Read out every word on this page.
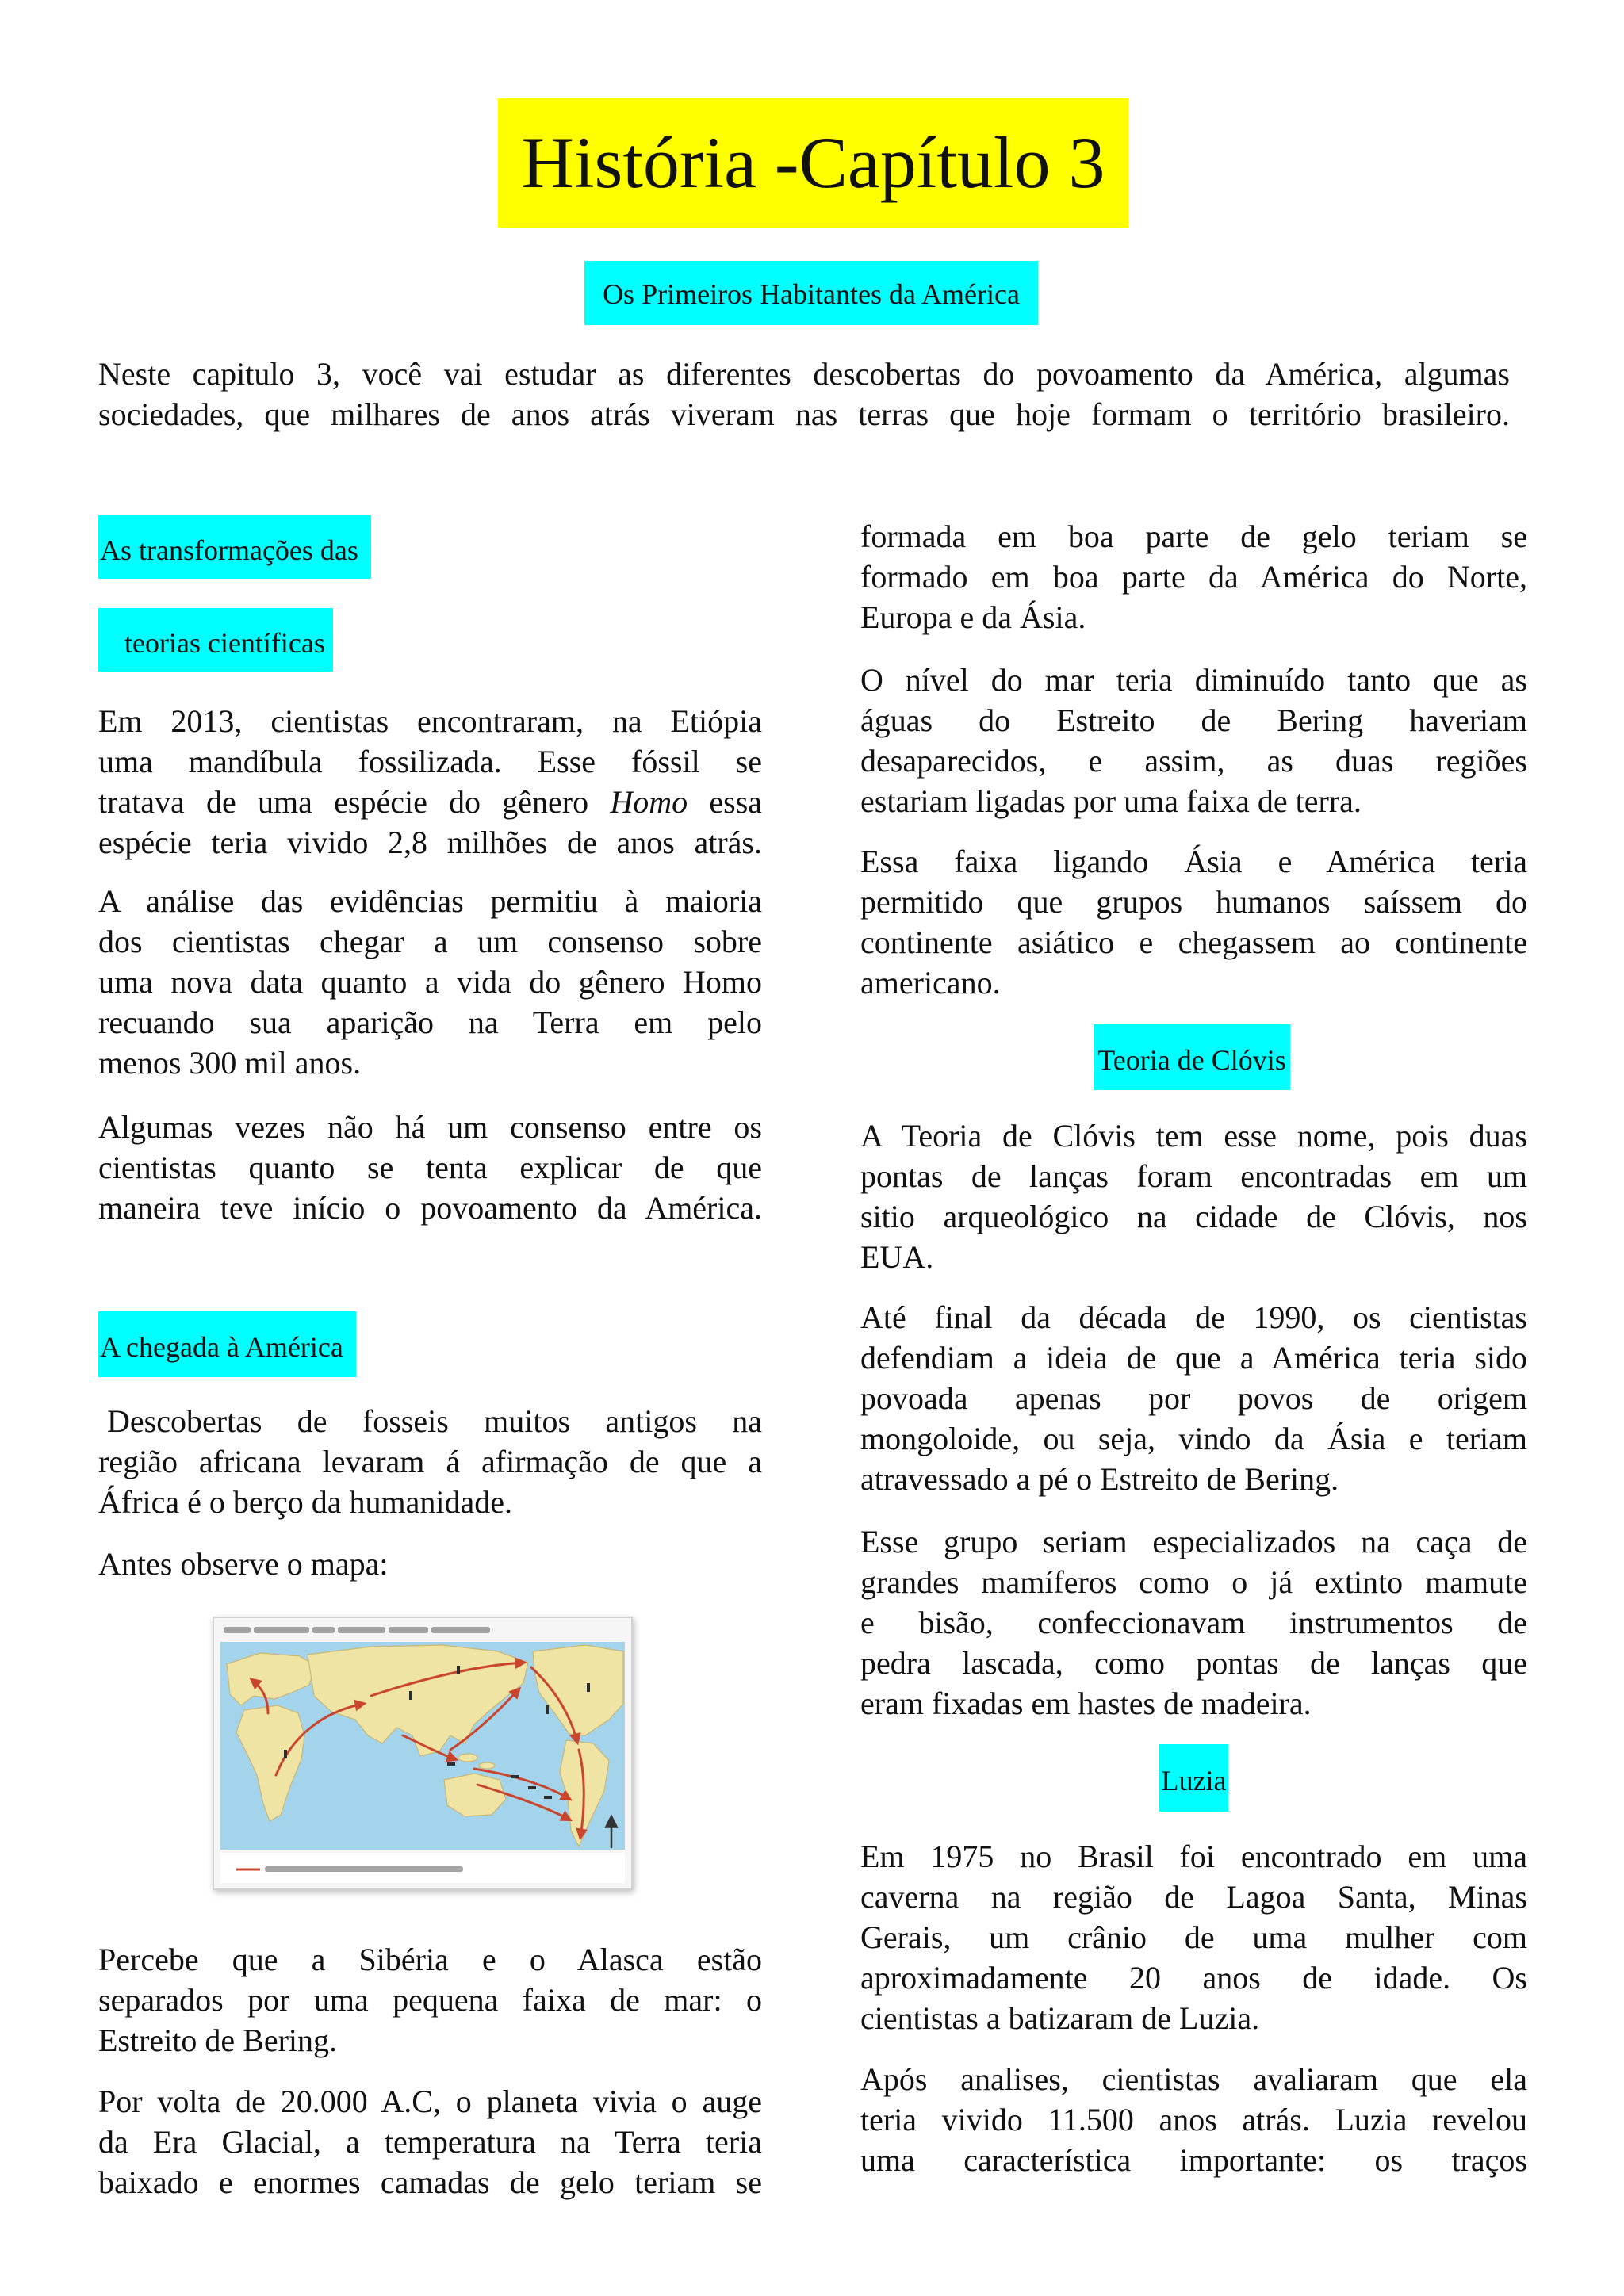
História -Capítulo 3
Os Primeiros Habitantes da América
Neste capitulo 3, você vai estudar as diferentes descobertas do povoamento da América, algumas
sociedades, que milhares de anos atrás viveram nas terras que hoje formam o território brasileiro.
As transformações das
teorias científicas
Em 2013, cientistas encontraram, na Etiópia
uma mandíbula fossilizada. Esse fóssil se
tratava de uma espécie do gênero Homo essa
espécie teria vivido 2,8 milhões de anos atrás.
A análise das evidências permitiu à maioria
dos cientistas chegar a um consenso sobre
uma nova data quanto a vida do gênero Homo
recuando sua aparição na Terra em pelo
menos 300 mil anos.
Algumas vezes não há um consenso entre os
cientistas quanto se tenta explicar de que
maneira teve início o povoamento da América.
A chegada à América
Descobertas de fosseis muitos antigos na
região africana levaram á afirmação de que a
África é o berço da humanidade.
Antes observe o mapa:
Percebe que a Sibéria e o Alasca estão
separados por uma pequena faixa de mar: o
Estreito de Bering.
Por volta de 20.000 A.C, o planeta vivia o auge
da Era Glacial, a temperatura na Terra teria
baixado e enormes camadas de gelo teriam se
formada em boa parte de gelo teriam se
formado em boa parte da América do Norte,
Europa e da Ásia.
O nível do mar teria diminuído tanto que as
águas do Estreito de Bering haveriam
desaparecidos, e assim, as duas regiões
estariam ligadas por uma faixa de terra.
Essa faixa ligando Ásia e América teria
permitido que grupos humanos saíssem do
continente asiático e chegassem ao continente
americano.
Teoria de Clóvis
A Teoria de Clóvis tem esse nome, pois duas
pontas de lanças foram encontradas em um
sitio arqueológico na cidade de Clóvis, nos
EUA.
Até final da década de 1990, os cientistas
defendiam a ideia de que a América teria sido
povoada apenas por povos de origem
mongoloide, ou seja, vindo da Ásia e teriam
atravessado a pé o Estreito de Bering.
Esse grupo seriam especializados na caça de
grandes mamíferos como o já extinto mamute
e bisão, confeccionavam instrumentos de
pedra lascada, como pontas de lanças que
eram fixadas em hastes de madeira.
Luzia
Em 1975 no Brasil foi encontrado em uma
caverna na região de Lagoa Santa, Minas
Gerais, um crânio de uma mulher com
aproximadamente 20 anos de idade. Os
cientistas a batizaram de Luzia.
Após analises, cientistas avaliaram que ela
teria vivido 11.500 anos atrás. Luzia revelou
uma característica importante: os traços
